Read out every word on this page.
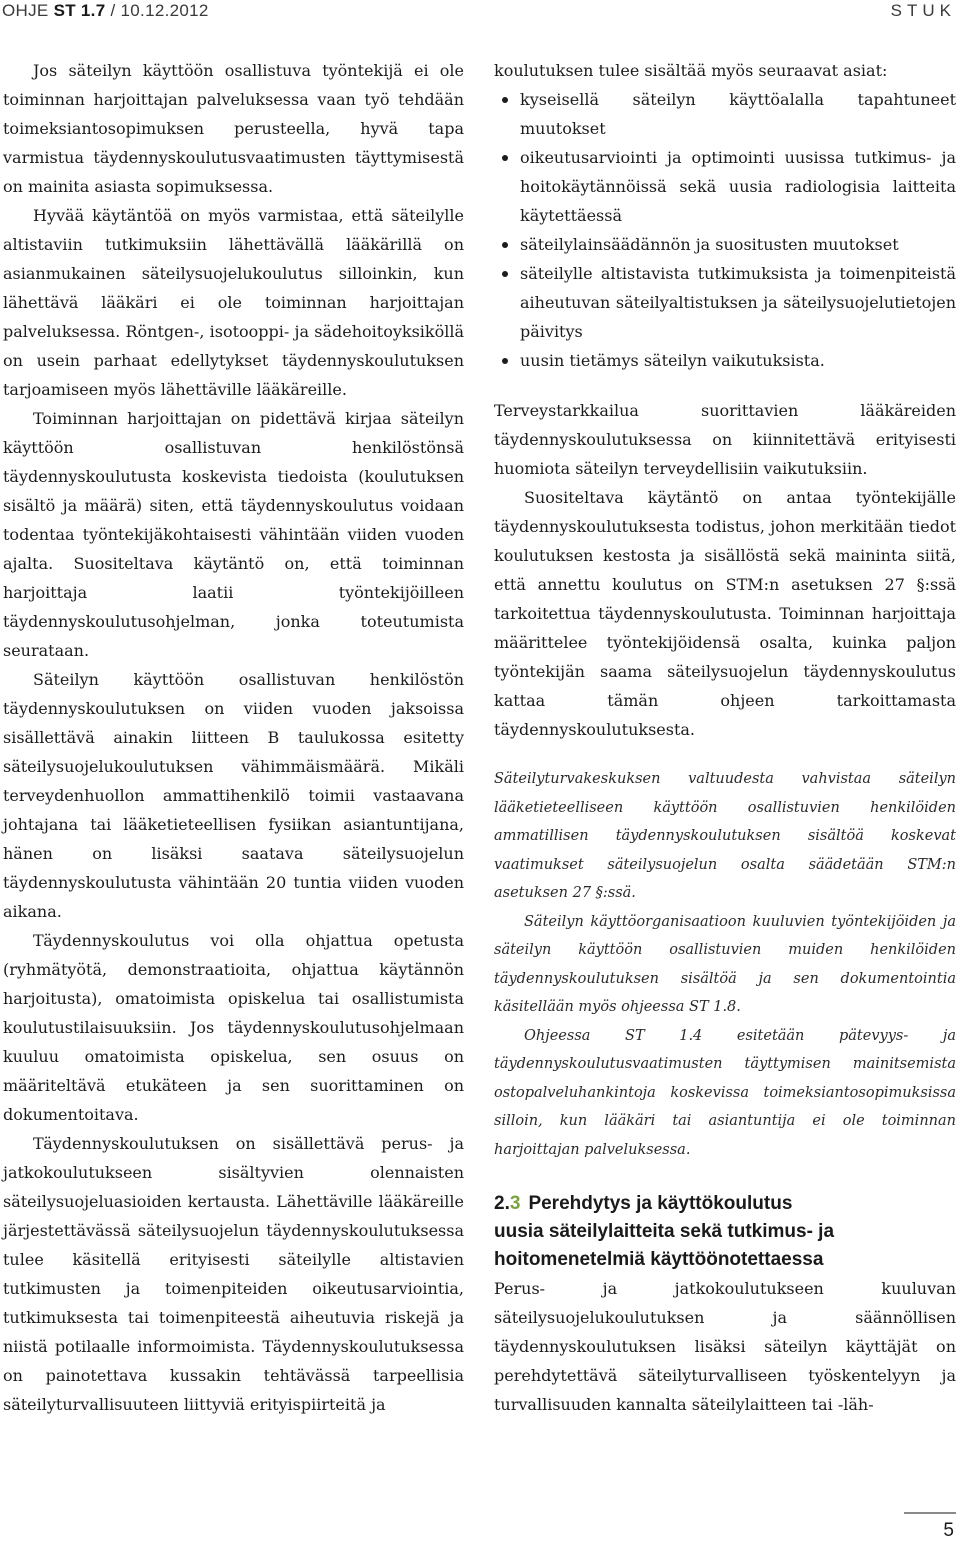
OHJE ST 1.7 / 10.12.2012	STUK

Jos säteilyn käyttöön osallistuva työntekijä ei ole toiminnan harjoittajan palveluksessa vaan työ tehdään toimeksiantosopimuksen perusteella, hyvä tapa varmistua täydennyskoulutusvaatimusten täyttymisestä on mainita asiasta sopimuksessa.

Hyvää käytäntöä on myös varmistaa, että säteilylle altistaviin tutkimuksiin lähettävällä lääkärillä on asianmukainen säteilysuojelukoulutus silloinkin, kun lähettävä lääkäri ei ole toiminnan harjoittajan palveluksessa. Röntgen-, isotooppi- ja sädehoitoyksiköllä on usein parhaat edellytykset täydennyskoulutuksen tarjoamiseen myös lähettäville lääkäreille.

Toiminnan harjoittajan on pidettävä kirjaa säteilyn käyttöön osallistuvan henkilöstönsä täydennyskoulutusta koskevista tiedoista (koulutuksen sisältö ja määrä) siten, että täydennyskoulutus voidaan todentaa työntekijäkohtaisesti vähintään viiden vuoden ajalta. Suositeltava käytäntö on, että toiminnan harjoittaja laatii työntekijöilleen täydennyskoulutusohjelman, jonka toteutumista seurataan.

Säteilyn käyttöön osallistuvan henkilöstön täydennyskoulutuksen on viiden vuoden jaksoissa sisällettävä ainakin liitteen B taulukossa esitetty säteilysuojelukoulutuksen vähimmäismäärä. Mikäli terveydenhuollon ammattihenkilö toimii vastaavana johtajana tai lääketieteellisen fysiikan asiantuntijana, hänen on lisäksi saatava säteilysuojelun täydennyskoulutusta vähintään 20 tuntia viiden vuoden aikana.

Täydennyskoulutus voi olla ohjattua opetusta (ryhmätyötä, demonstraatioita, ohjattua käytännön harjoitusta), omatoimista opiskelua tai osallistumista koulutustilaisuuksiin. Jos täydennyskoulutusohjelmaan kuuluu omatoimista opiskelua, sen osuus on määriteltävä etukäteen ja sen suorittaminen on dokumentoitava.

Täydennyskoulutuksen on sisällettävä perus- ja jatkokoulutukseen sisältyvien olennaisten säteilysuojeluasioiden kertausta. Lähettäville lääkäreille järjestettävässä säteilysuojelun täydennyskoulutuksessa tulee käsitellä erityisesti säteilylle altistavien tutkimusten ja toimenpiteiden oikeutusarviointia, tutkimuksesta tai toimenpiteestä aiheutuvia riskejä ja niistä potilaalle informoimista. Täydennyskoulutuksessa on painotettava kussakin tehtävässä tarpeellisia säteilyturvallisuuteen liittyviä erityispiirteitä ja

koulutuksen tulee sisältää myös seuraavat asiat:

kyseisellä säteilyn käyttöalalla tapahtuneet muutokset
oikeutusarviointi ja optimointi uusissa tutkimus- ja hoitokäytännöissä sekä uusia radiologisia laitteita käytettäessä
säteilylainsäädännön ja suositusten muutokset
säteilylle altistavista tutkimuksista ja toimenpiteistä aiheutuvan säteilyaltistuksen ja säteilysuojelutietojen päivitys
uusin tietämys säteilyn vaikutuksista.

Terveystarkkailua suorittavien lääkäreiden täydennyskoulutuksessa on kiinnitettävä erityisesti huomiota säteilyn terveydellisiin vaikutuksiin.

Suositeltava käytäntö on antaa työntekijälle täydennyskoulutuksesta todistus, johon merkitään tiedot koulutuksen kestosta ja sisällöstä sekä maininta siitä, että annettu koulutus on STM:n asetuksen 27 §:ssä tarkoitettua täydennyskoulutusta. Toiminnan harjoittaja määrittelee työntekijöidensä osalta, kuinka paljon työntekijän saama säteilysuojelun täydennyskoulutus kattaa tämän ohjeen tarkoittamasta täydennyskoulutuksesta.

Säteilyturvakeskuksen valtuudesta vahvistaa säteilyn lääketieteelliseen käyttöön osallistuvien henkilöiden ammatillisen täydennyskoulutuksen sisältöä koskevat vaatimukset säteilysuojelun osalta säädetään STM:n asetuksen 27 §:ssä.

Säteilyn käyttöorganisaatioon kuuluvien työntekijöiden ja säteilyn käyttöön osallistuvien muiden henkilöiden täydennyskoulutuksen sisältöä ja sen dokumentointia käsitellään myös ohjeessa ST 1.8.

Ohjeessa ST 1.4 esitetään pätevyys- ja täydennyskoulutusvaatimusten täyttymisen mainitsemista ostopalveluhankintoja koskevissa toimeksiantosopimuksissa silloin, kun lääkäri tai asiantuntija ei ole toiminnan harjoittajan palveluksessa.

2.3 Perehdytys ja käyttökoulutus
uusia säteilylaitteita sekä tutkimus- ja
hoitomenetelmiä käyttöönotettaessa

Perus- ja jatkokoulutukseen kuuluvan säteilysuojelukoulutuksen ja säännöllisen täydennyskoulutuksen lisäksi säteilyn käyttäjät on perehdytettävä säteilyturvalliseen työskentelyyn ja turvallisuuden kannalta säteilylaitteen tai -läh-

5
